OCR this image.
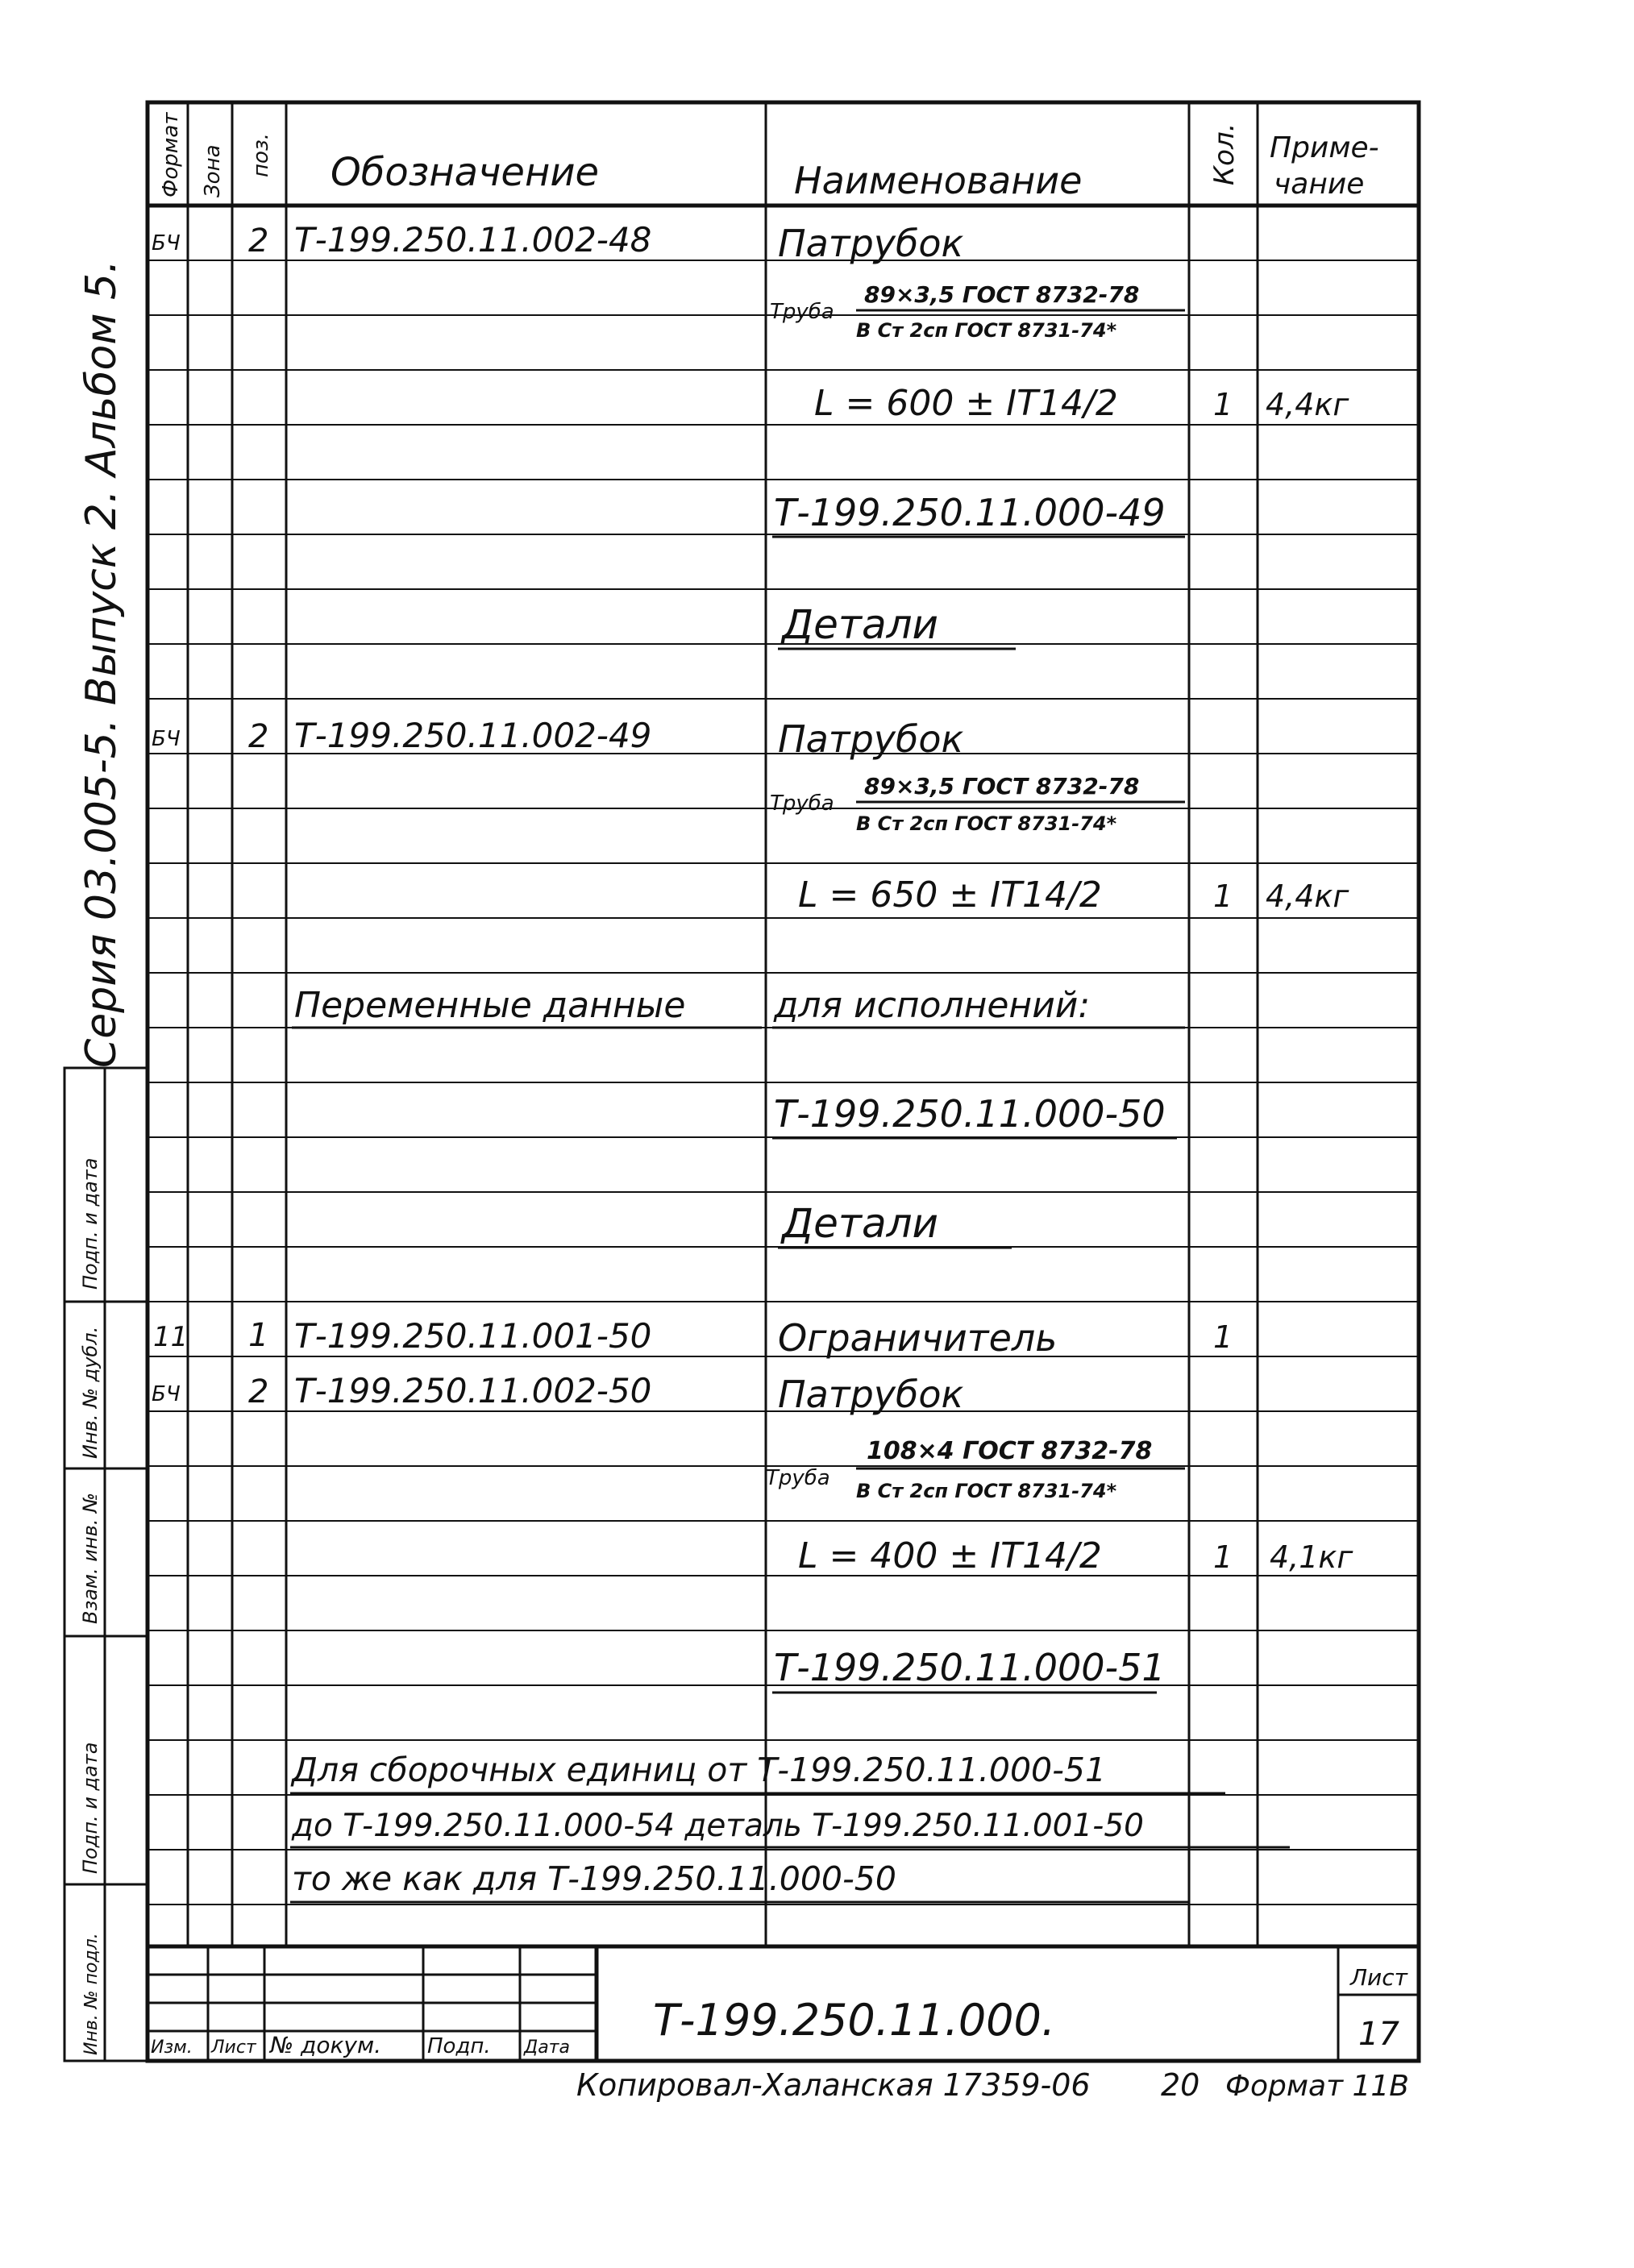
Формат Зона поз. Обозначение	Наименование	Кол. Приме-
чание
Серия 03.005-5. Выпуск 2. Альбом 5.
Подп. и дата
Инв. № дубл.
Взам. инв. №
Подп. и дата
Инв. № подл.
БЧ 2 Т-199.250.11.002-48	Патрубок
Труба
89×3,5 ГОСТ 8732-78
В Ст 2сп ГОСТ 8731-74*
L = 600 ± IT14/2	1 4,4кг
Т-199.250.11.000-49
Детали
БЧ 2 Т-199.250.11.002-49	Патрубок
Труба
89×3,5 ГОСТ 8732-78
В Ст 2сп ГОСТ 8731-74*
L = 650 ± IT14/2	1 4,4кг
Переменные данные для исполнений:
Т-199.250.11.000-50
Детали
11 1 Т-199.250.11.001-50	Ограничитель	1
БЧ 2 Т-199.250.11.002-50	Патрубок
Труба
108×4 ГОСТ 8732-78
В Ст 2сп ГОСТ 8731-74*
L = 400 ± IT14/2	1 4,1кг
Т-199.250.11.000-51
Для сборочных единиц от Т-199.250.11.000-51
до Т-199.250.11.000-54 деталь Т-199.250.11.001-50
то же как для Т-199.250.11.000-50
Изм. Лист № докум. Подп. Дата
Т-199.250.11.000.
Лист
17
Копировал-Халанская 17359-06 20 Формат 11В
